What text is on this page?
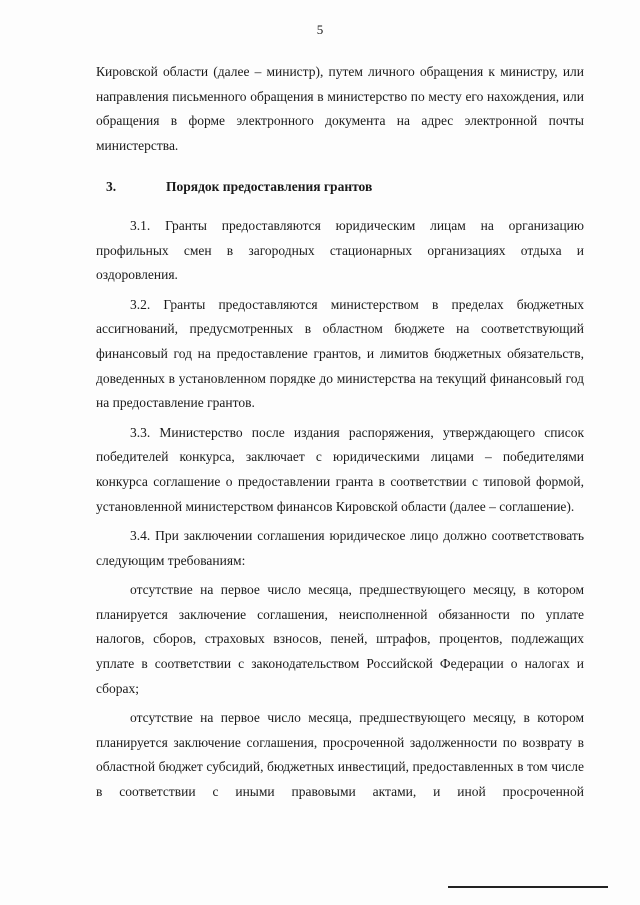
5

Кировской области (далее – министр), путем личного обращения к министру, или направления письменного обращения в министерство по месту его нахождения, или обращения в форме электронного документа на адрес электронной почты министерства.

3.	Порядок предоставления грантов

3.1. Гранты предоставляются юридическим лицам на организацию профильных смен в загородных стационарных организациях отдыха и оздоровления.

3.2. Гранты предоставляются министерством в пределах бюджетных ассигнований, предусмотренных в областном бюджете на соответствующий финансовый год на предоставление грантов, и лимитов бюджетных обязательств, доведенных в установленном порядке до министерства на текущий финансовый год на предоставление грантов.

3.3. Министерство после издания распоряжения, утверждающего список победителей конкурса, заключает с юридическими лицами – победителями конкурса соглашение о предоставлении гранта в соответствии с типовой формой, установленной министерством финансов Кировской области (далее – соглашение).

3.4. При заключении соглашения юридическое лицо должно соответствовать следующим требованиям:

отсутствие на первое число месяца, предшествующего месяцу, в котором планируется заключение соглашения, неисполненной обязанности по уплате налогов, сборов, страховых взносов, пеней, штрафов, процентов, подлежащих уплате в соответствии с законодательством Российской Федерации о налогах и сборах;

отсутствие на первое число месяца, предшествующего месяцу, в котором планируется заключение соглашения, просроченной задолженности по возврату в областной бюджет субсидий, бюджетных инвестиций, предоставленных в том числе в соответствии с иными правовыми актами, и иной просроченной
